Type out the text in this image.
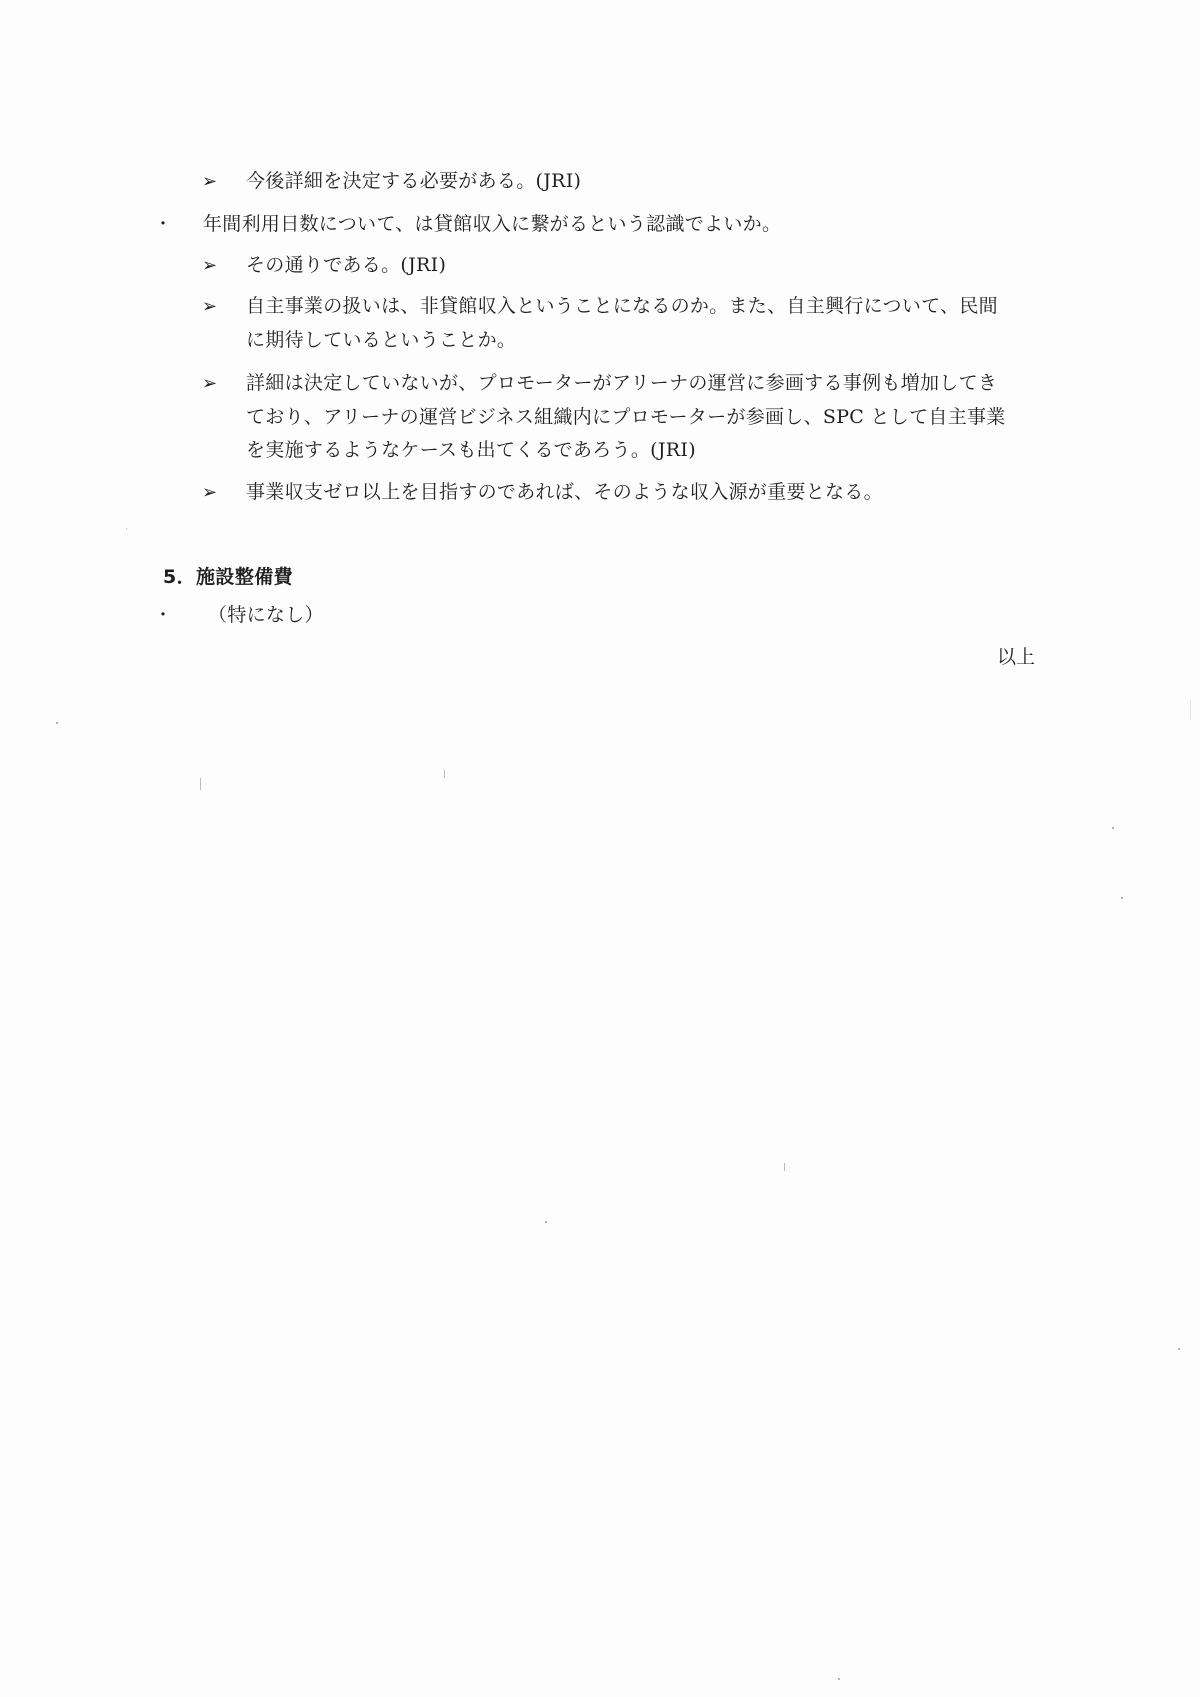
➢ 今後詳細を決定する必要がある。(JRI)
・ 年間利用日数について、は貸館収入に繋がるという認識でよいか。
➢ その通りである。(JRI)
➢ 自主事業の扱いは、非貸館収入ということになるのか。また、自主興行について、民間
に期待しているということか。
➢ 詳細は決定していないが、プロモーターがアリーナの運営に参画する事例も増加してき
ており、アリーナの運営ビジネス組織内にプロモーターが参画し、SPC として自主事業
を実施するようなケースも出てくるであろう。(JRI)
➢ 事業収支ゼロ以上を目指すのであれば、そのような収入源が重要となる。
5．施設整備費
・ （特になし）
以上
